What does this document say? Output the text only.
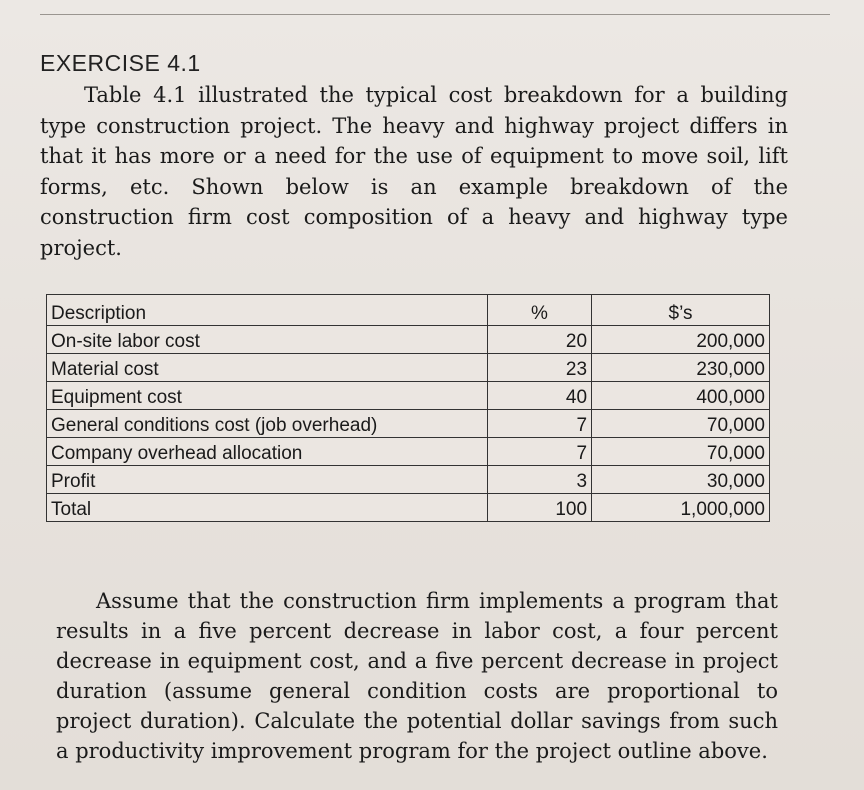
EXERCISE 4.1

Table 4.1 illustrated the typical cost breakdown for a building type construction project. The heavy and highway project differs in that it has more or a need for the use of equipment to move soil, lift forms, etc. Shown below is an example breakdown of the construction firm cost composition of a heavy and highway type project.

Description	%	$’s
On-site labor cost	20	200,000
Material cost	23	230,000
Equipment cost	40	400,000
General conditions cost (job overhead)	7	70,000
Company overhead allocation	7	70,000
Profit	3	30,000
Total	100	1,000,000

Assume that the construction firm implements a program that results in a five percent decrease in labor cost, a four percent decrease in equipment cost, and a five percent decrease in project duration (assume general condition costs are proportional to project duration). Calculate the potential dollar savings from such a productivity improvement program for the project outline above.
